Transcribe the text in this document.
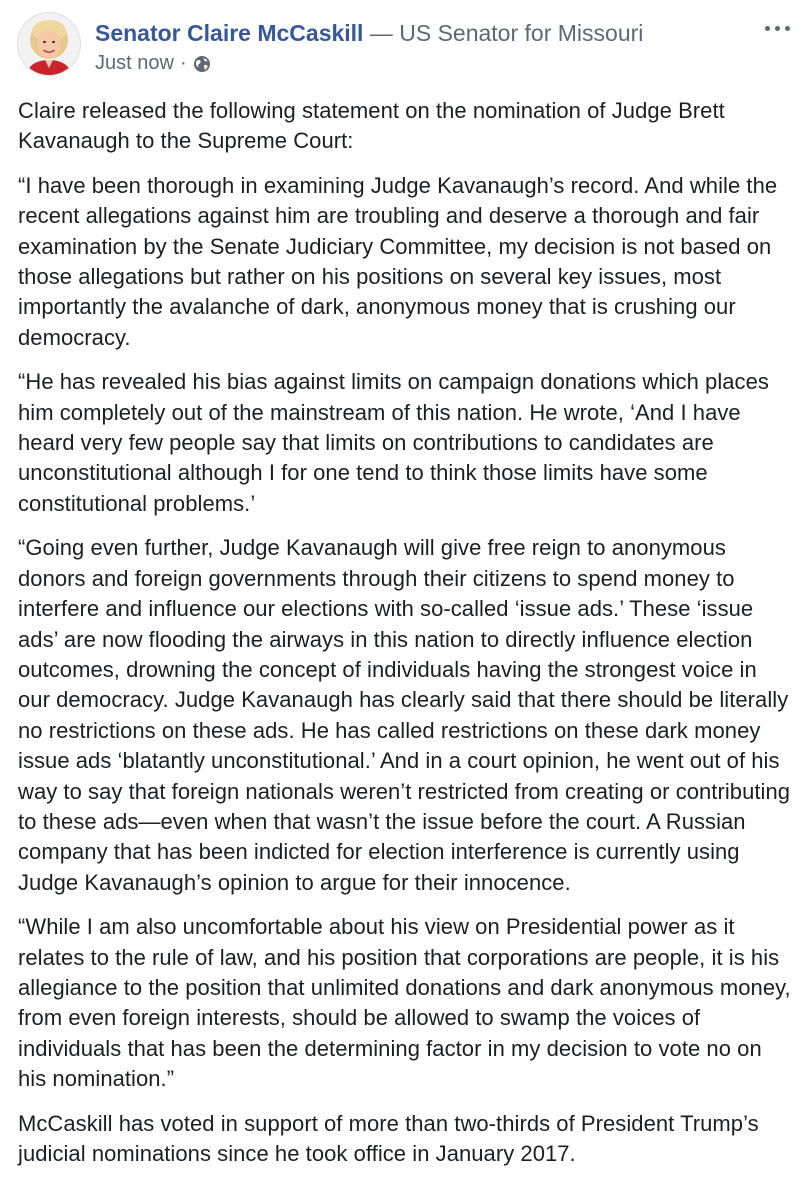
Senator Claire McCaskill — US Senator for Missouri
Just now ·

Claire released the following statement on the nomination of Judge Brett Kavanaugh to the Supreme Court:

“I have been thorough in examining Judge Kavanaugh’s record. And while the recent allegations against him are troubling and deserve a thorough and fair examination by the Senate Judiciary Committee, my decision is not based on those allegations but rather on his positions on several key issues, most importantly the avalanche of dark, anonymous money that is crushing our democracy.

“He has revealed his bias against limits on campaign donations which places him completely out of the mainstream of this nation. He wrote, ‘And I have heard very few people say that limits on contributions to candidates are unconstitutional although I for one tend to think those limits have some constitutional problems.’

“Going even further, Judge Kavanaugh will give free reign to anonymous donors and foreign governments through their citizens to spend money to interfere and influence our elections with so-called ‘issue ads.’ These ‘issue ads’ are now flooding the airways in this nation to directly influence election outcomes, drowning the concept of individuals having the strongest voice in our democracy. Judge Kavanaugh has clearly said that there should be literally no restrictions on these ads. He has called restrictions on these dark money issue ads ‘blatantly unconstitutional.’ And in a court opinion, he went out of his way to say that foreign nationals weren’t restricted from creating or contributing to these ads—even when that wasn’t the issue before the court. A Russian company that has been indicted for election interference is currently using Judge Kavanaugh’s opinion to argue for their innocence.

“While I am also uncomfortable about his view on Presidential power as it relates to the rule of law, and his position that corporations are people, it is his allegiance to the position that unlimited donations and dark anonymous money, from even foreign interests, should be allowed to swamp the voices of individuals that has been the determining factor in my decision to vote no on his nomination.”

McCaskill has voted in support of more than two-thirds of President Trump’s judicial nominations since he took office in January 2017.
